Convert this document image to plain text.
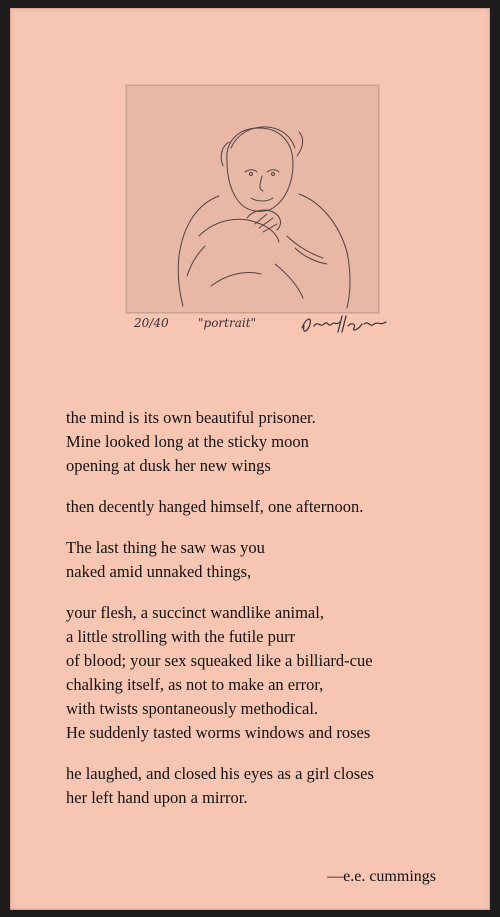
20/40 "portrait"
the mind is its own beautiful prisoner.
Mine looked long at the sticky moon
opening at dusk her new wings
then decently hanged himself, one afternoon.
The last thing he saw was you
naked amid unnaked things,
your flesh, a succinct wandlike animal,
a little strolling with the futile purr
of blood; your sex squeaked like a billiard-cue
chalking itself, as not to make an error,
with twists spontaneously methodical.
He suddenly tasted worms windows and roses
he laughed, and closed his eyes as a girl closes
her left hand upon a mirror.
—e.e. cummings
